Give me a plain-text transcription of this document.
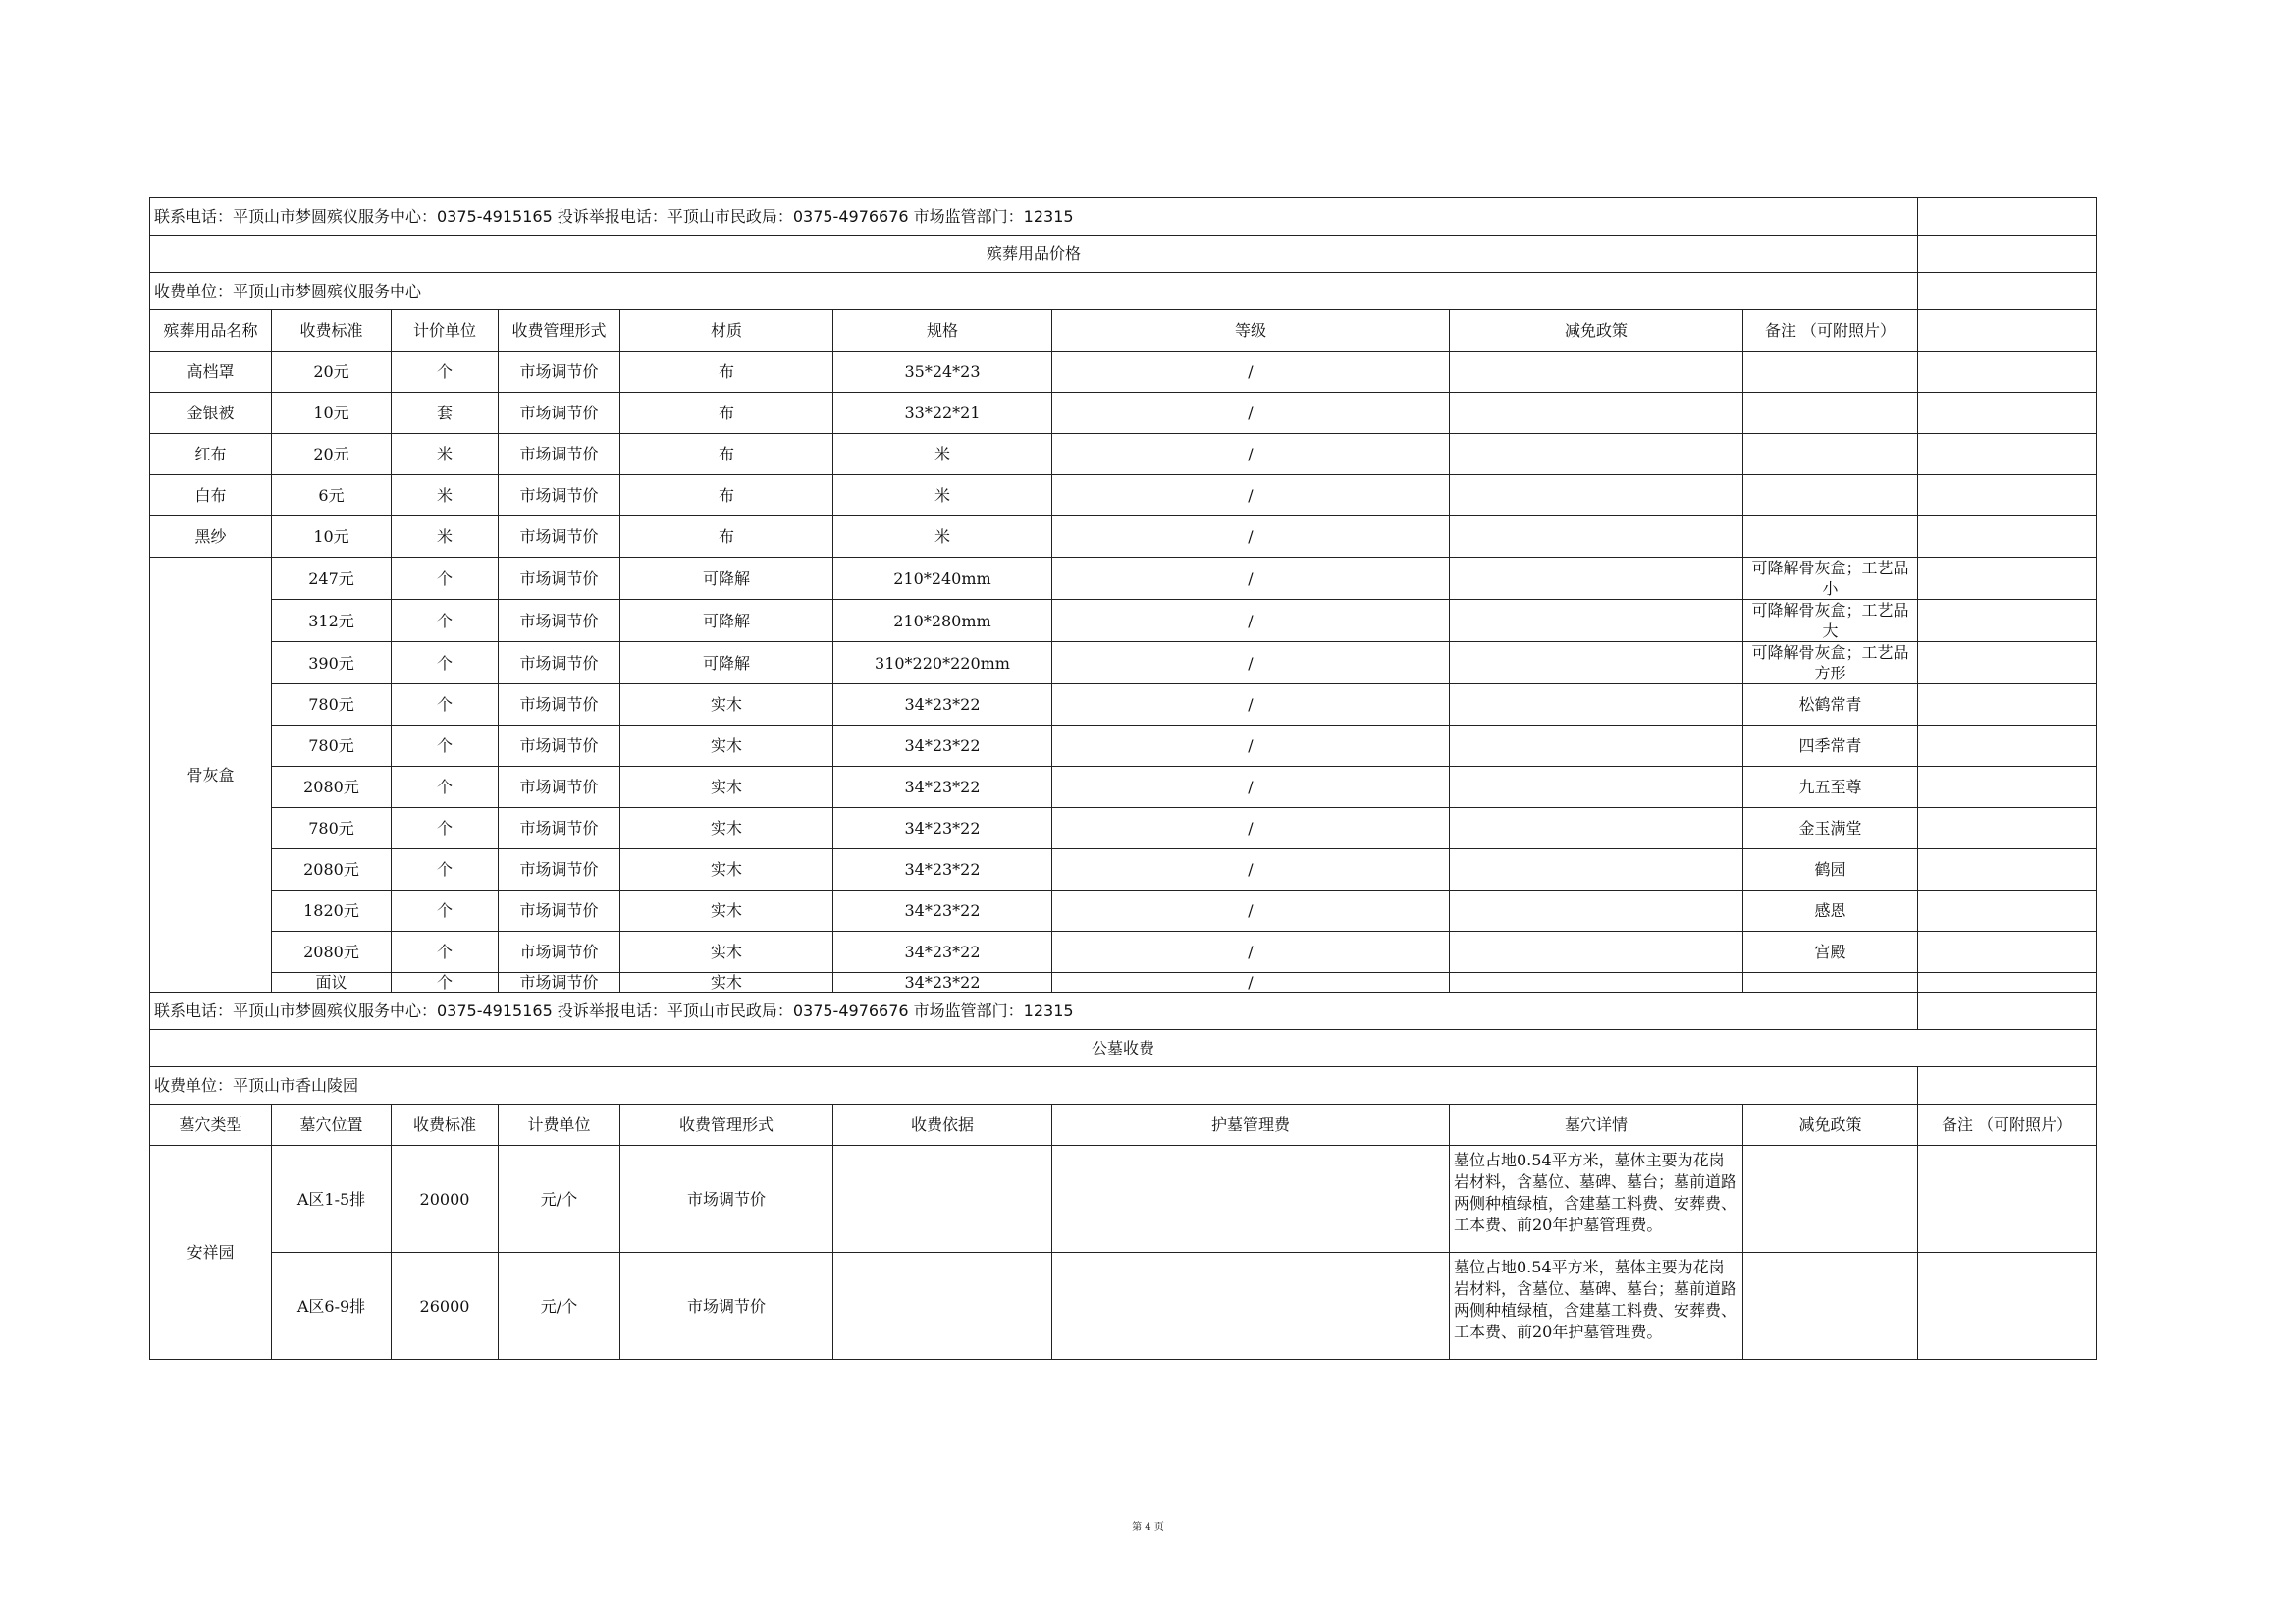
联系电话：平顶山市梦圆殡仪服务中心：0375-4915165 投诉举报电话：平顶山市民政局：0375-4976676 市场监管部门：12315									
殡葬用品价格									
收费单位：平顶山市梦圆殡仪服务中心									
殡葬用品名称	收费标准	计价单位	收费管理形式	材质	规格	等级	减免政策	备注 （可附照片）	
高档罩	20元	个	市场调节价	布	35*24*23	/			
金银被	10元	套	市场调节价	布	33*22*21	/			
红布	20元	米	市场调节价	布	米	/			
白布	6元	米	市场调节价	布	米	/			
黑纱	10元	米	市场调节价	布	米	/			
骨灰盒	247元	个	市场调节价	可降解	210*240mm	/		可降解骨灰盒；工艺品小	
	312元	个	市场调节价	可降解	210*280mm	/		可降解骨灰盒；工艺品大	
	390元	个	市场调节价	可降解	310*220*220mm	/		可降解骨灰盒；工艺品方形	
	780元	个	市场调节价	实木	34*23*22	/		松鹤常青	
	780元	个	市场调节价	实木	34*23*22	/		四季常青	
	2080元	个	市场调节价	实木	34*23*22	/		九五至尊	
	780元	个	市场调节价	实木	34*23*22	/		金玉满堂	
	2080元	个	市场调节价	实木	34*23*22	/		鹤园	
	1820元	个	市场调节价	实木	34*23*22	/		感恩	
	2080元	个	市场调节价	实木	34*23*22	/		宫殿	
	面议	个	市场调节价	实木	34*23*22	/			
联系电话：平顶山市梦圆殡仪服务中心：0375-4915165 投诉举报电话：平顶山市民政局：0375-4976676 市场监管部门：12315									
公墓收费									
收费单位：平顶山市香山陵园									
墓穴类型	墓穴位置	收费标准	计费单位	收费管理形式	收费依据	护墓管理费	墓穴详情	减免政策	备注 （可附照片）
安祥园	A区1-5排	20000	元/个	市场调节价			墓位占地0.54平方米，墓体主要为花岗岩材料，含墓位、墓碑、墓台；墓前道路两侧种植绿植，含建墓工料费、安葬费、工本费、前20年护墓管理费。		
	A区6-9排	26000	元/个	市场调节价			墓位占地0.54平方米，墓体主要为花岗岩材料，含墓位、墓碑、墓台；墓前道路两侧种植绿植，含建墓工料费、安葬费、工本费、前20年护墓管理费。		
第 4 页
